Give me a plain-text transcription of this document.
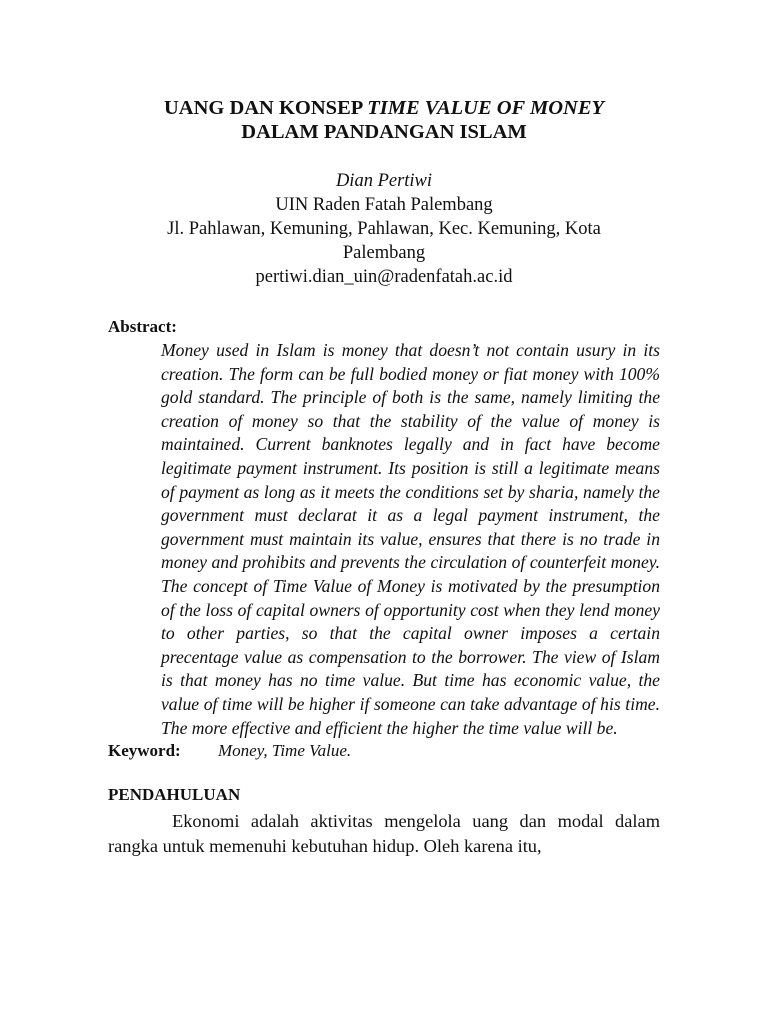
UANG DAN KONSEP TIME VALUE OF MONEY
DALAM PANDANGAN ISLAM
Dian Pertiwi
UIN Raden Fatah Palembang
Jl. Pahlawan, Kemuning, Pahlawan, Kec. Kemuning, Kota
Palembang
pertiwi.dian_uin@radenfatah.ac.id
Abstract:
Money used in Islam is money that doesn’t not contain usury in its creation. The form can be full bodied money or fiat money with 100% gold standard. The principle of both is the same, namely limiting the creation of money so that the stability of the value of money is maintained. Current banknotes legally and in fact have become legitimate payment instrument. Its position is still a legitimate means of payment as long as it meets the conditions set by sharia, namely the government must declarat it as a legal payment instrument, the government must maintain its value, ensures that there is no trade in money and prohibits and prevents the circulation of counterfeit money. The concept of Time Value of Money is motivated by the presumption of the loss of capital owners of opportunity cost when they lend money to other parties, so that the capital owner imposes a certain precentage value as compensation to the borrower. The view of Islam is that money has no time value. But time has economic value, the value of time will be higher if someone can take advantage of his time. The more effective and efficient the higher the time value will be.
Keyword:	Money, Time Value.
PENDAHULUAN
Ekonomi adalah aktivitas mengelola uang dan modal dalam rangka untuk memenuhi kebutuhan hidup. Oleh karena itu,
